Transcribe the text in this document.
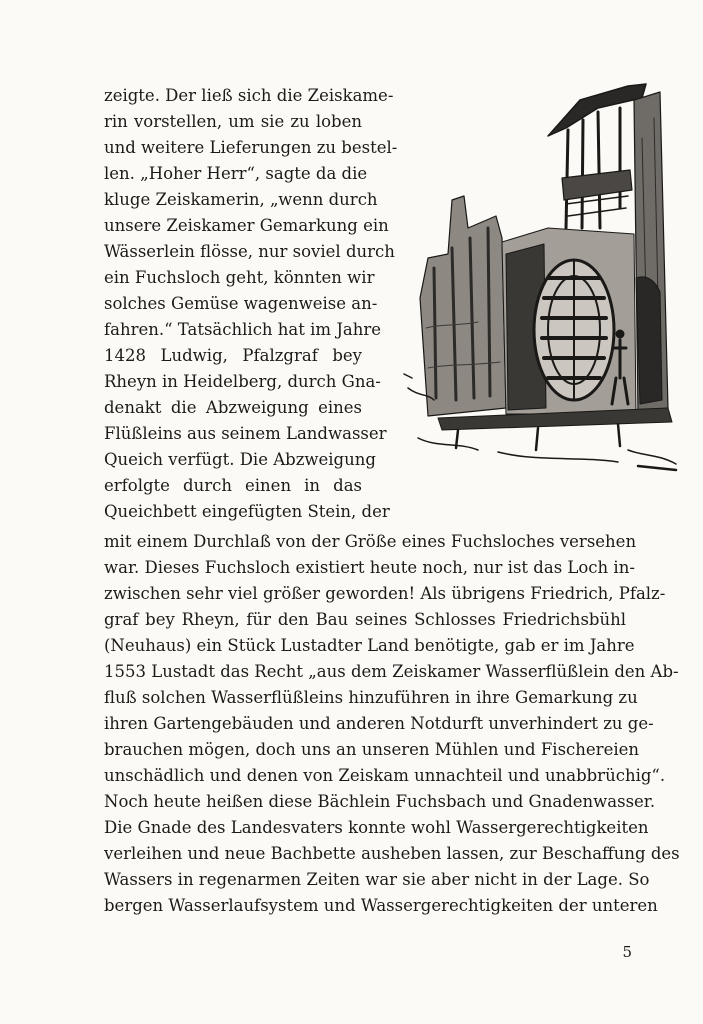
zeigte. Der ließ sich die Zeiskame-
rin vorstellen, um sie zu loben
und weitere Lieferungen zu bestel-
len. „Hoher Herr“, sagte da die
kluge Zeiskamerin, „wenn durch
unsere Zeiskamer Gemarkung ein
Wässerlein flösse, nur soviel durch
ein Fuchsloch geht, könnten wir
solches Gemüse wagenweise an-
fahren.“ Tatsächlich hat im Jahre
1428 Ludwig, Pfalzgraf bey
Rheyn in Heidelberg, durch Gna-
denakt die Abzweigung eines
Flüßleins aus seinem Landwasser
Queich verfügt. Die Abzweigung
erfolgte durch einen in das
Queichbett eingefügten Stein, der
mit einem Durchlaß von der Größe eines Fuchsloches versehen
war. Dieses Fuchsloch existiert heute noch, nur ist das Loch in-
zwischen sehr viel größer geworden! Als übrigens Friedrich, Pfalz-
graf bey Rheyn, für den Bau seines Schlosses Friedrichsbühl
(Neuhaus) ein Stück Lustadter Land benötigte, gab er im Jahre
1553 Lustadt das Recht „aus dem Zeiskamer Wasserflüßlein den Ab-
fluß solchen Wasserflüßleins hinzuführen in ihre Gemarkung zu
ihren Gartengebäuden und anderen Notdurft unverhindert zu ge-
brauchen mögen, doch uns an unseren Mühlen und Fischereien
unschädlich und denen von Zeiskam unnachteil und unabbrüchig“.
Noch heute heißen diese Bächlein Fuchsbach und Gnadenwasser.
Die Gnade des Landesvaters konnte wohl Wassergerechtigkeiten
verleihen und neue Bachbette ausheben lassen, zur Beschaffung des
Wassers in regenarmen Zeiten war sie aber nicht in der Lage. So
bergen Wasserlaufsystem und Wassergerechtigkeiten der unteren
5
